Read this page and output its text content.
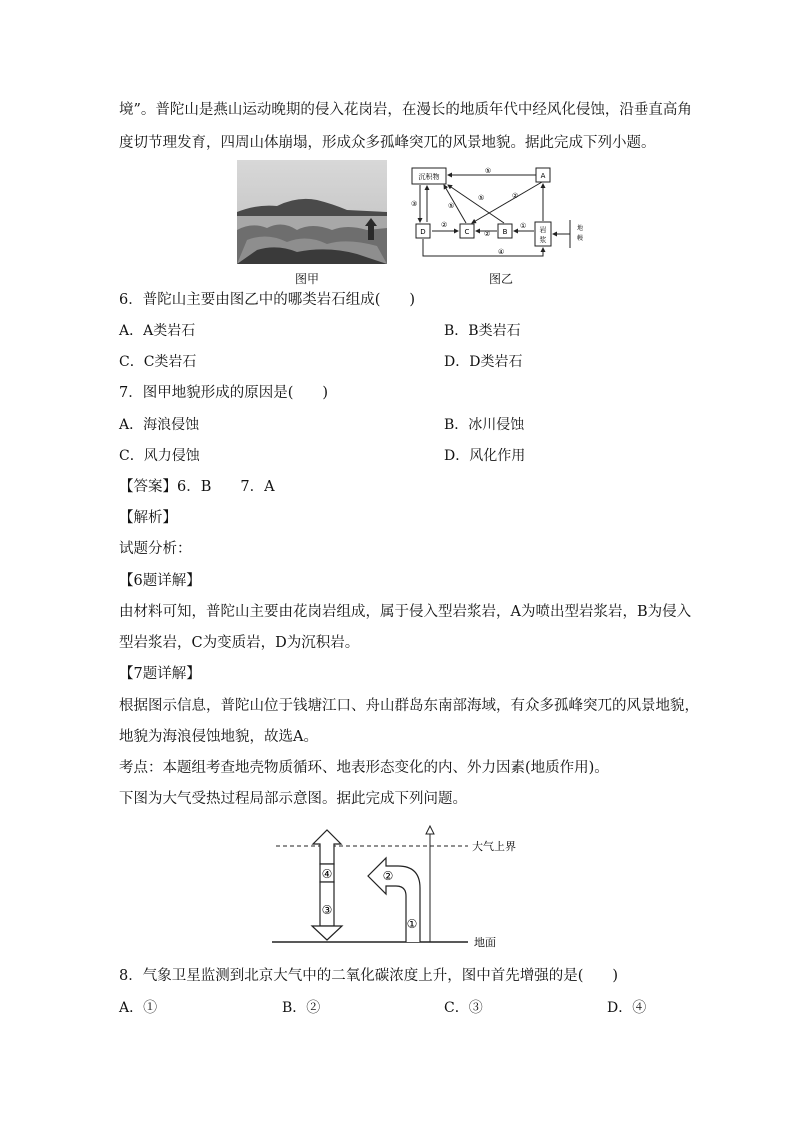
境”。普陀山是燕山运动晚期的侵入花岗岩，在漫长的地质年代中经风化侵蚀，沿垂直高角
度切节理发育，四周山体崩塌，形成众多孤峰突兀的风景地貌。据此完成下列小题。
图甲
沉积物	A
D	C	B	岩
浆
⑤
②
⑤
⑤
③
②
②
①
④
地
幔
图乙
6．普陀山主要由图乙中的哪类岩石组成(　　)
A．A类岩石	B．B类岩石
C．C类岩石	D．D类岩石
7．图甲地貌形成的原因是(　　)
A．海浪侵蚀	B．冰川侵蚀
C．风力侵蚀	D．风化作用
【答案】6．B　　7．A
【解析】
试题分析：
【6题详解】
由材料可知，普陀山主要由花岗岩组成，属于侵入型岩浆岩，A为喷出型岩浆岩，B为侵入
型岩浆岩，C为变质岩，D为沉积岩。
【7题详解】
根据图示信息，普陀山位于钱塘江口、舟山群岛东南部海域，有众多孤峰突兀的风景地貌，
地貌为海浪侵蚀地貌，故选A。
考点：本题组考查地壳物质循环、地表形态变化的内、外力因素(地质作用)。
下图为大气受热过程局部示意图。据此完成下列问题。
大气上界
地面
④
③
①
②
8．气象卫星监测到北京大气中的二氧化碳浓度上升，图中首先增强的是(　　)
A．①	B．②	C．③	D．④
